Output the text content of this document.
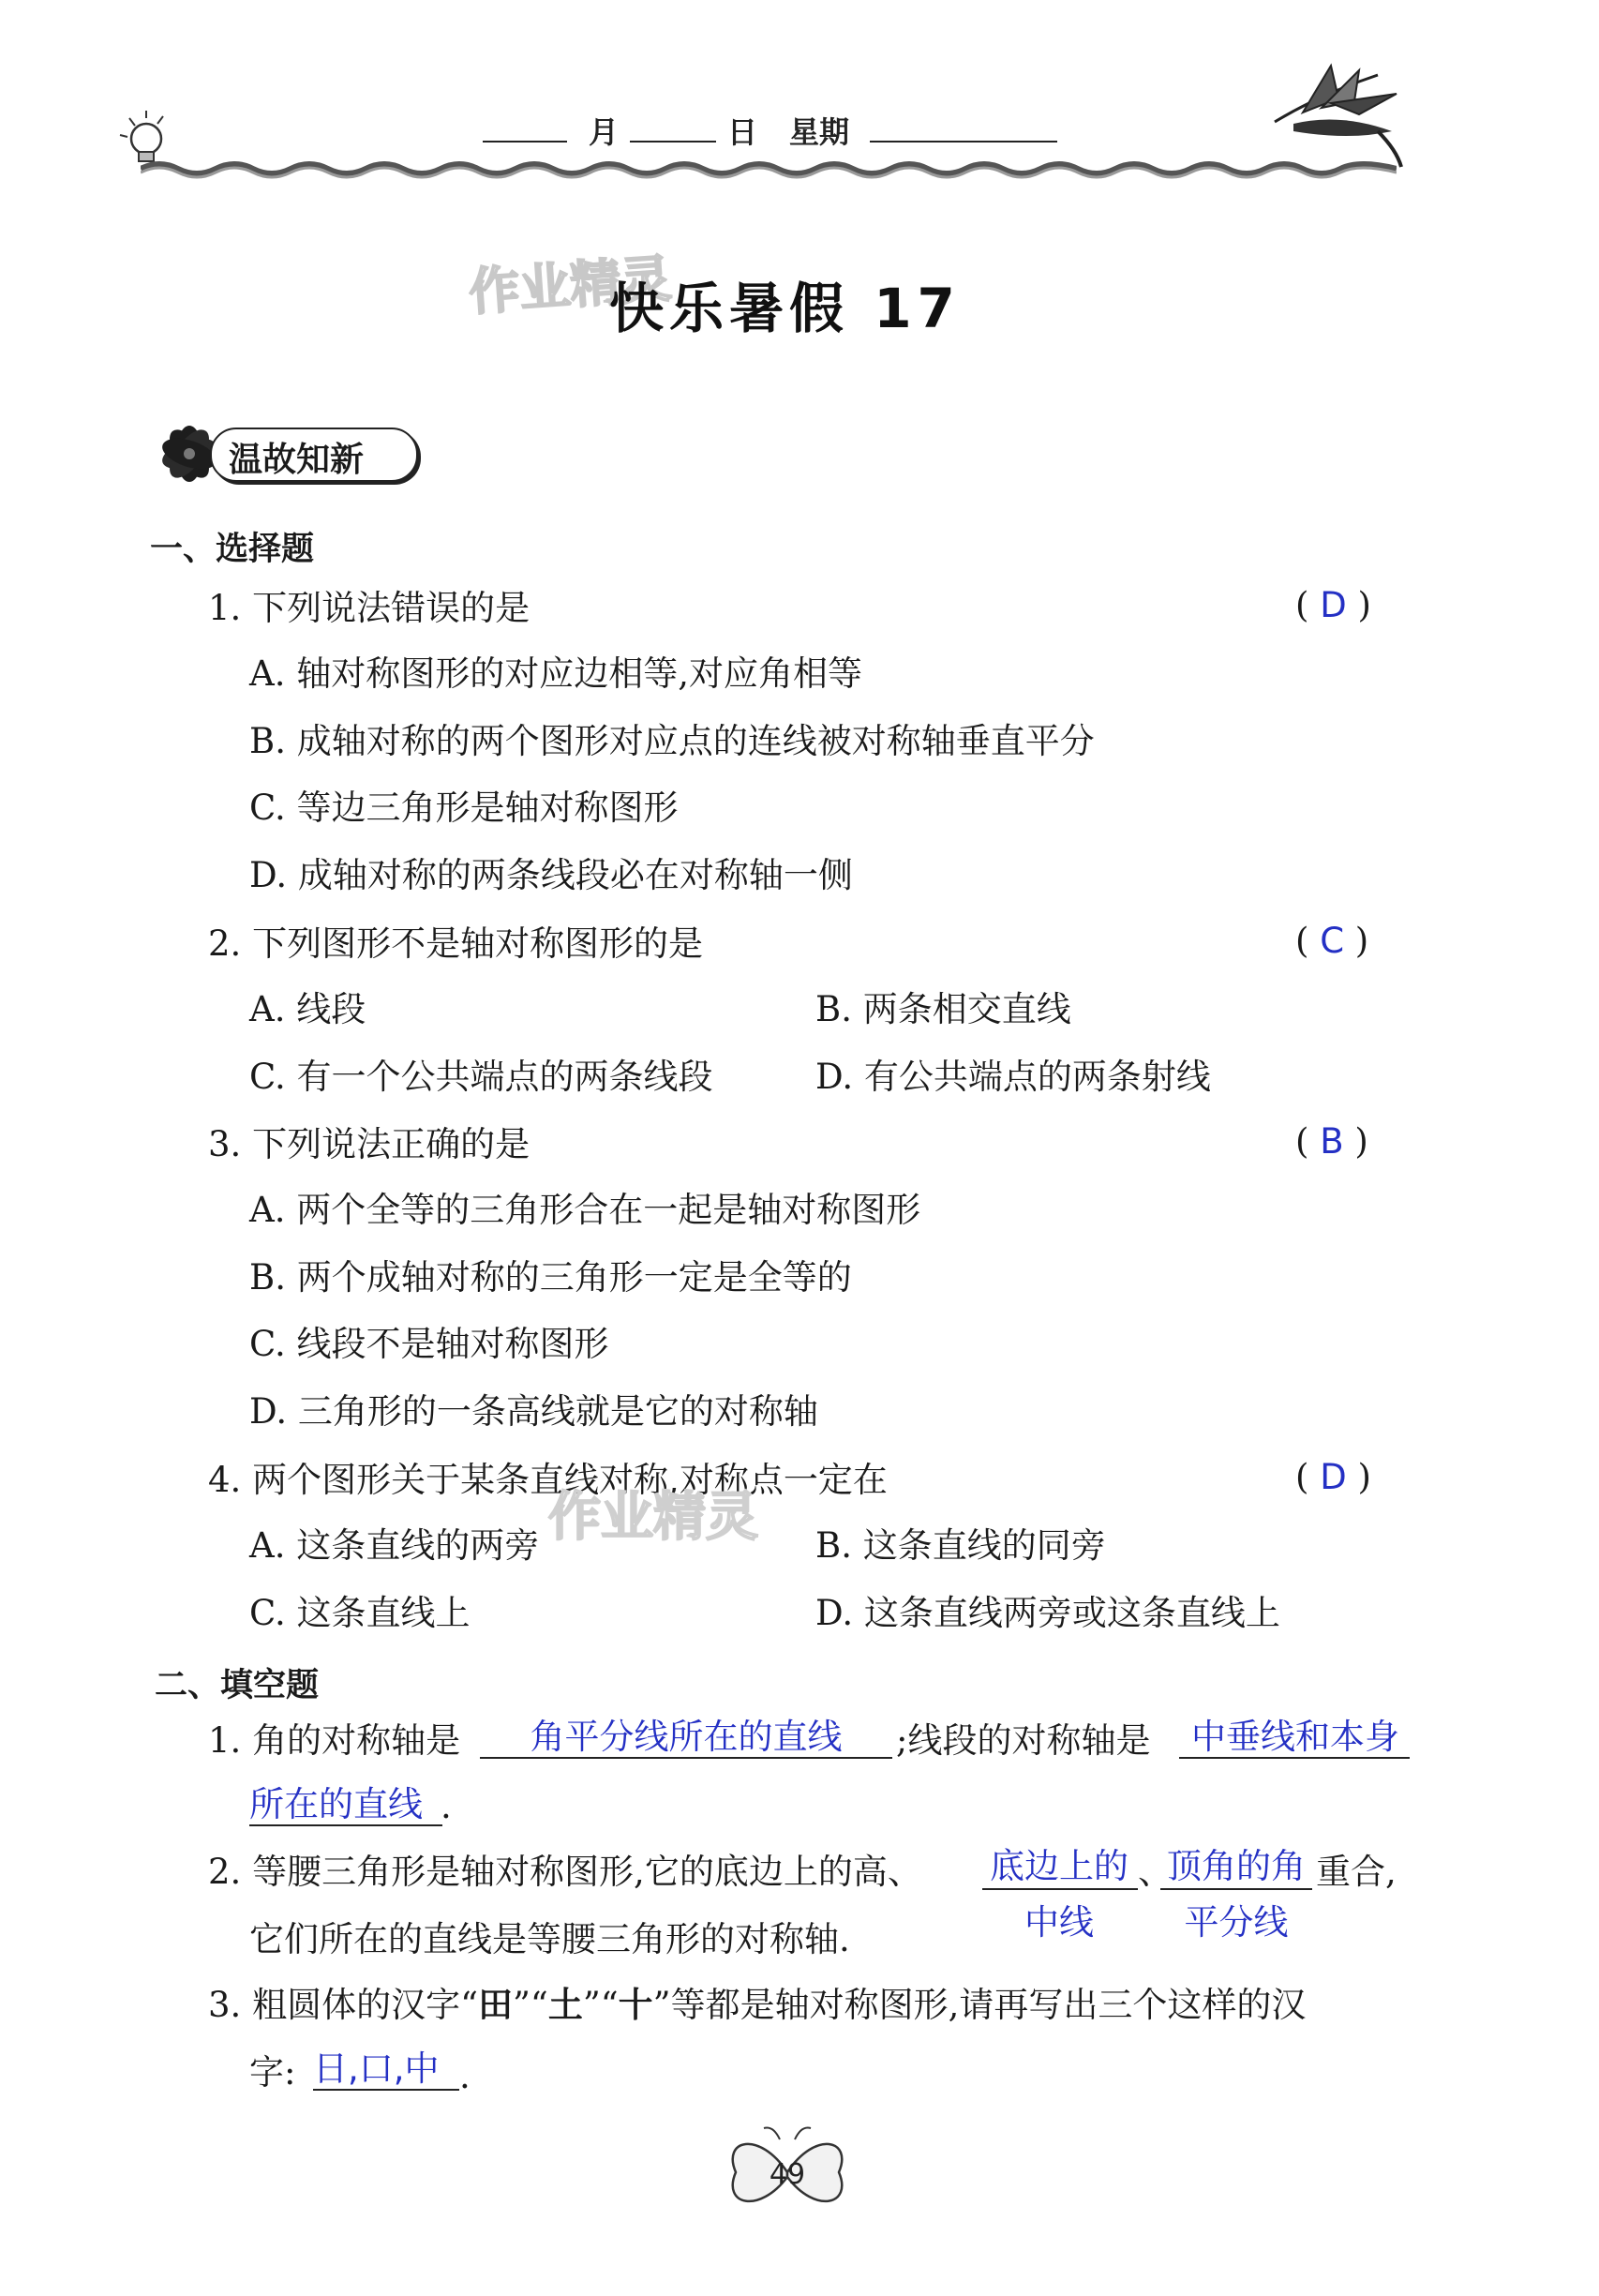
月	日 星期
作业精灵
快乐暑假 17
温故知新
一、选择题
1. 下列说法错误的是	( D )
A. 轴对称图形的对应边相等,对应角相等
B. 成轴对称的两个图形对应点的连线被对称轴垂直平分
C. 等边三角形是轴对称图形
D. 成轴对称的两条线段必在对称轴一侧
2. 下列图形不是轴对称图形的是	( C )
A. 线段	B. 两条相交直线
C. 有一个公共端点的两条线段	D. 有公共端点的两条射线
3. 下列说法正确的是	( B )
A. 两个全等的三角形合在一起是轴对称图形
B. 两个成轴对称的三角形一定是全等的
C. 线段不是轴对称图形
D. 三角形的一条高线就是它的对称轴
4. 两个图形关于某条直线对称,对称点一定在	( D )
作业精灵
A. 这条直线的两旁	B. 这条直线的同旁
C. 这条直线上	D. 这条直线两旁或这条直线上
二、填空题
1. 角的对称轴是	角平分线所在的直线	;线段的对称轴是	中垂线和本身
所在的直线 .
2. 等腰三角形是轴对称图形,它的底边上的高、 底边上的
中线
、
顶角的角
平分线
重合,
它们所在的直线是等腰三角形的对称轴.
3. 粗圆体的汉字“田”“土”“十”等都是轴对称图形,请再写出三个这样的汉
字: 日,口,中 .
49
